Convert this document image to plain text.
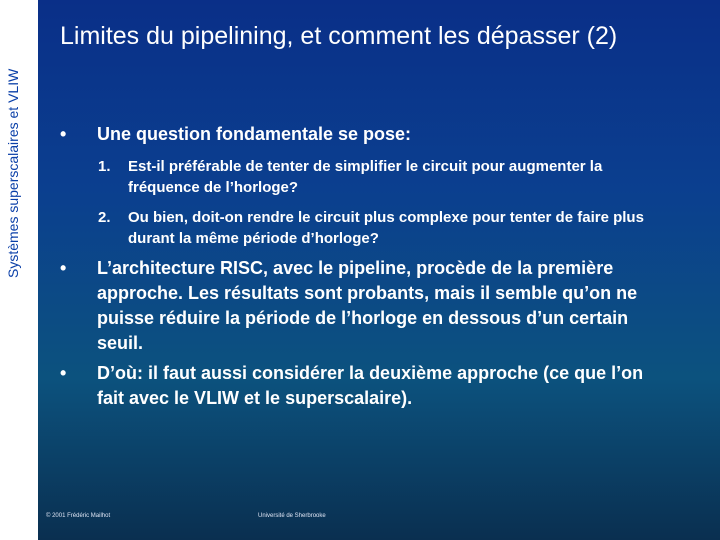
Systèmes superscalaires et VLIW
Limites du pipelining, et comment les dépasser (2)
•	Une question fondamentale se pose:
1.	Est-il préférable de tenter de simplifier le circuit pour augmenter la fréquence de l’horloge?
2.	Ou bien, doit-on rendre le circuit plus complexe pour tenter de faire plus durant la même période d’horloge?
•	L’architecture RISC, avec le pipeline, procède de la première approche. Les résultats sont probants, mais il semble qu’on ne puisse réduire la période de l’horloge en dessous d’un certain seuil.
•	D’où: il faut aussi considérer la deuxième approche (ce que l’on fait avec le VLIW et le superscalaire).
© 2001 Frédéric Mailhot	Université de Sherbrooke
